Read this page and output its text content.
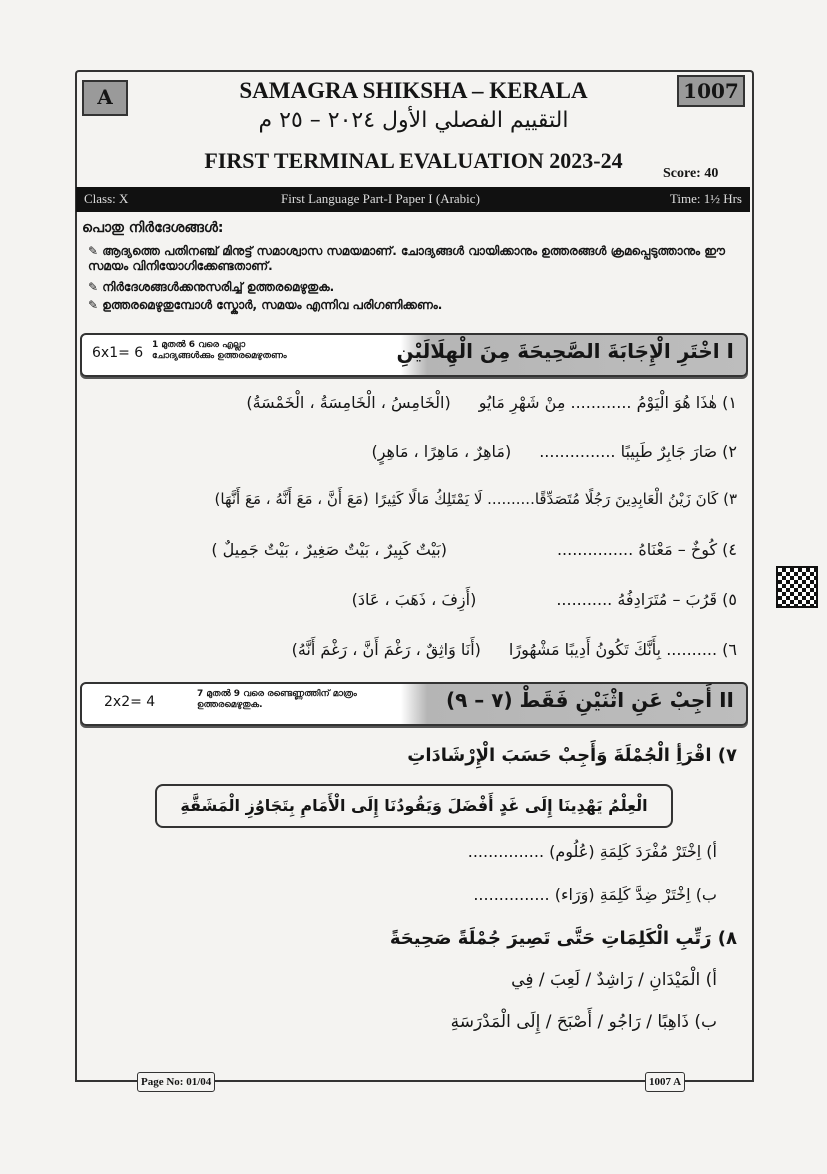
A	1007
SAMAGRA SHIKSHA – KERALA
التقييم الفصلي الأول ٢٠٢٤ – ٢٥ م
FIRST TERMINAL EVALUATION 2023-24
Score: 40
Class: X	First Language Part-I Paper I (Arabic)	Time: 1½ Hrs
പൊതു നിർദേശങ്ങൾ:
✎ ആദ്യത്തെ പതിനഞ്ച് മിനുട്ട് സമാശ്വാസ സമയമാണ്. ചോദ്യങ്ങൾ വായിക്കാനും ഉത്തരങ്ങൾ ക്രമപ്പെടുത്താനും ഈ സമയം വിനിയോഗിക്കേണ്ടതാണ്.
✎ നിർദേശങ്ങൾക്കനുസരിച്ച് ഉത്തരമെഴുതുക.
✎ ഉത്തരമെഴുതുമ്പോൾ സ്കോർ, സമയം എന്നിവ പരിഗണിക്കണം.
6x1= 6 1 മുതൽ 6 വരെ എല്ലാ
ചോദ്യങ്ങൾക്കും ഉത്തരമെഴുതണം	I اخْتَرِ الْإِجَابَةَ الصَّحِيحَةَ مِنَ الْهِلَالَيْنِ
١) هٰذَا هُوَ الْيَوْمُ ............ مِنْ شَهْرِ مَايُو(الْخَامِسُ ، الْخَامِسَةُ ، الْخَمْسَةُ)
٢) صَارَ جَابِرٌ طَبِيبًا ...............(مَاهِرٌ ، مَاهِرًا ، مَاهِرٍ)
٣) كَانَ زَيْنُ الْعَابِدِينَ رَجُلًا مُتَصَدِّقًا.......... لَا يَمْتَلِكُ مَالًا كَثِيرًا(مَعَ أَنَّ ، مَعَ أَنَّهُ ، مَعَ أَنَّهَا)
٤) كُوخٌ – مَعْنَاهُ ...............(بَيْتٌ كَبِيرٌ ، بَيْتٌ صَغِيرٌ ، بَيْتٌ جَمِيلٌ )
٥) قَرُبَ – مُتَرَادِفُهُ ...........(أَزِفَ ، ذَهَبَ ، عَادَ)
٦) .......... بِأَنَّكَ تَكُونُ أَدِيبًا مَشْهُورًا(أَنَا وَاثِقٌ ، رَغْمَ أَنَّ ، رَغْمَ أَنَّهُ)
2x2= 4	7 മുതൽ 9 വരെ രണ്ടെണ്ണത്തിന് മാത്രം
ഉത്തരമെഴുതുക.	II أَجِبْ عَنِ اثْنَيْنِ فَقَطْ (٧ – ٩)
٧) اقْرَأِ الْجُمْلَةَ وَأَجِبْ حَسَبَ الْإِرْشَادَاتِ
الْعِلْمُ يَهْدِينَا إِلَى غَدٍ أَفْضَلَ وَيَقُودُنَا إِلَى الْأَمَامِ بِتَجَاوُزِ الْمَشَقَّةِ
أ) اِخْتَرْ مُفْرَدَ كَلِمَةِ (عُلُوم) ...............
ب) اِخْتَرْ ضِدَّ كَلِمَةِ (وَرَاء) ...............
٨) رَتِّبِ الْكَلِمَاتِ حَتَّى تَصِيرَ جُمْلَةً صَحِيحَةً
أ) الْمَيْدَانِ / رَاشِدٌ / لَعِبَ / فِي
ب) ذَاهِبًا / رَاجُو / أَصْبَحَ / إِلَى الْمَدْرَسَةِ
Page No: 01/04	1007 A
